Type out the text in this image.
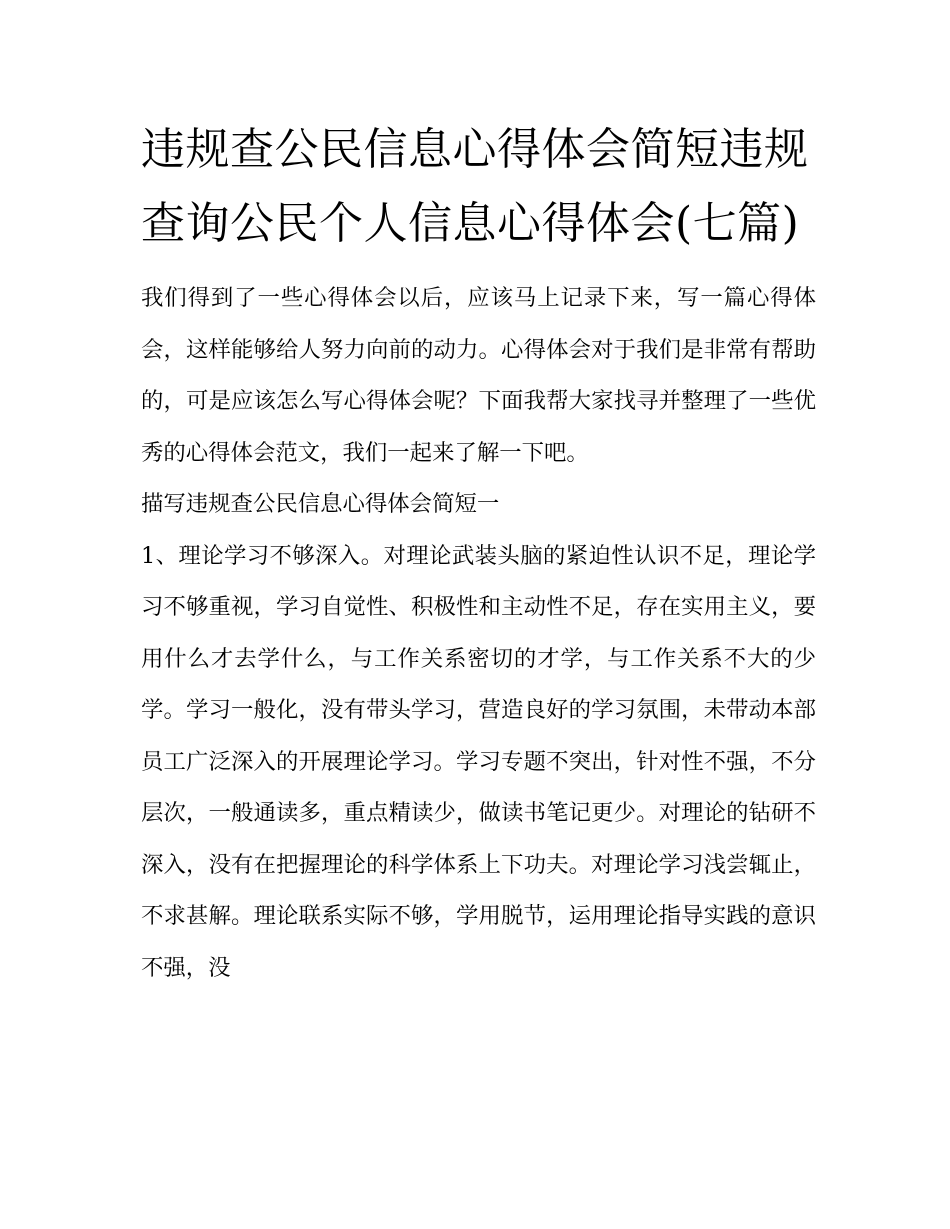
违规查公民信息心得体会简短违规查询公民个人信息心得体会(七篇)

我们得到了一些心得体会以后，应该马上记录下来，写一篇心得体会，这样能够给人努力向前的动力。心得体会对于我们是非常有帮助的，可是应该怎么写心得体会呢？下面我帮大家找寻并整理了一些优秀的心得体会范文，我们一起来了解一下吧。

描写违规查公民信息心得体会简短一

1、理论学习不够深入。对理论武装头脑的紧迫性认识不足，理论学习不够重视，学习自觉性、积极性和主动性不足，存在实用主义，要用什么才去学什么，与工作关系密切的才学，与工作关系不大的少学。学习一般化，没有带头学习，营造良好的学习氛围，未带动本部员工广泛深入的开展理论学习。学习专题不突出，针对性不强，不分层次，一般通读多，重点精读少，做读书笔记更少。对理论的钻研不深入，没有在把握理论的科学体系上下功夫。对理论学习浅尝辄止，不求甚解。理论联系实际不够，学用脱节，运用理论指导实践的意识不强，没
